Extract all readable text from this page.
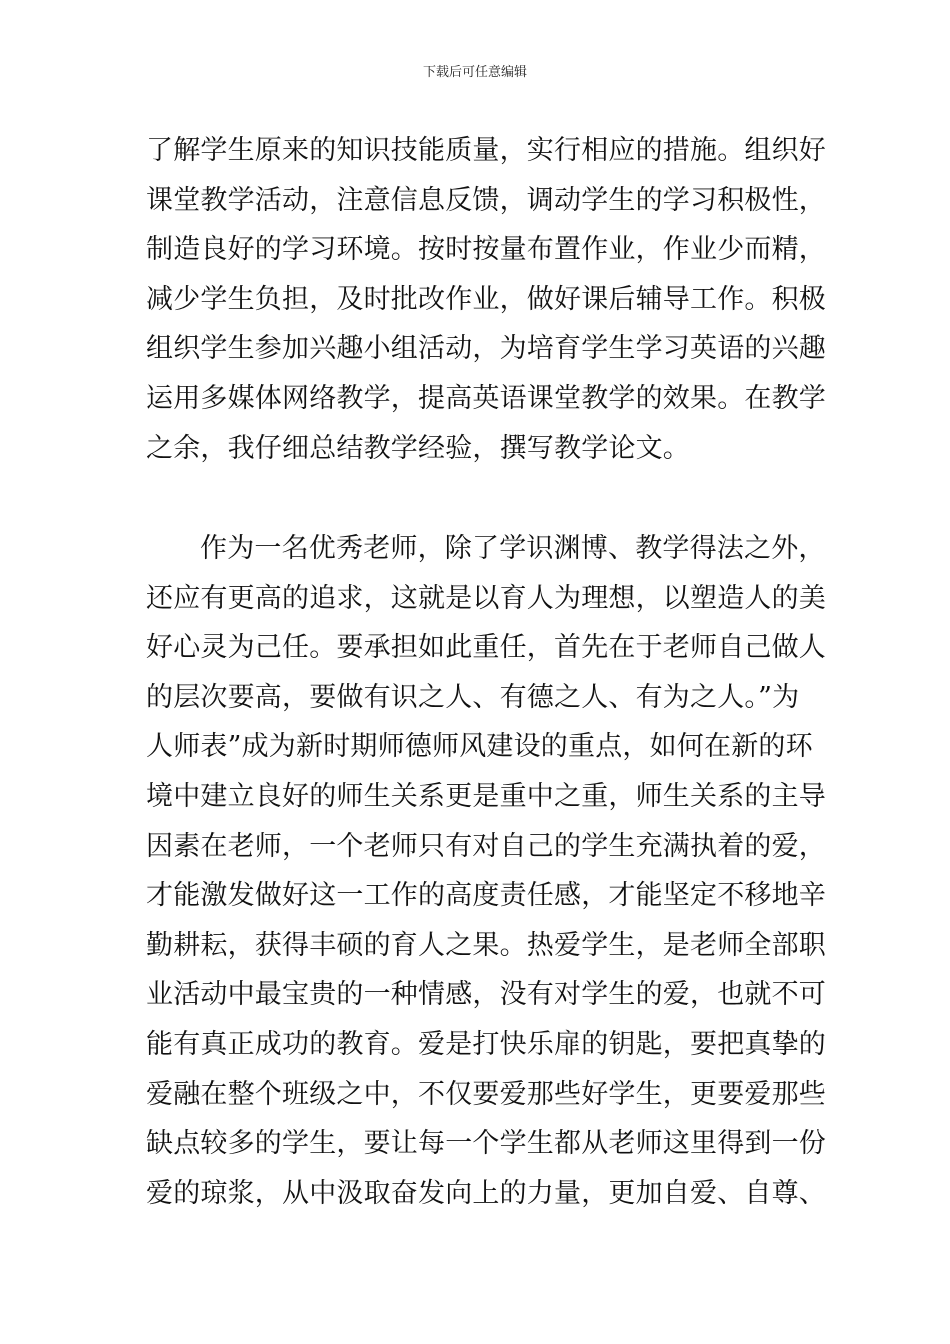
下载后可任意编辑
了解学生原来的知识技能质量，实行相应的措施。组织好
课堂教学活动，注意信息反馈，调动学生的学习积极性，
制造良好的学习环境。按时按量布置作业，作业少而精，
减少学生负担，及时批改作业，做好课后辅导工作。积极
组织学生参加兴趣小组活动，为培育学生学习英语的兴趣
运用多媒体网络教学，提高英语课堂教学的效果。在教学
之余，我仔细总结教学经验，撰写教学论文。
作为一名优秀老师，除了学识渊博、教学得法之外，
还应有更高的追求，这就是以育人为理想，以塑造人的美
好心灵为己任。要承担如此重任，首先在于老师自己做人
的层次要高，要做有识之人、有德之人、有为之人。”为
人师表”成为新时期师德师风建设的重点，如何在新的环
境中建立良好的师生关系更是重中之重，师生关系的主导
因素在老师，一个老师只有对自己的学生充满执着的爱，
才能激发做好这一工作的高度责任感，才能坚定不移地辛
勤耕耘，获得丰硕的育人之果。热爱学生，是老师全部职
业活动中最宝贵的一种情感，没有对学生的爱，也就不可
能有真正成功的教育。爱是打快乐扉的钥匙，要把真挚的
爱融在整个班级之中，不仅要爱那些好学生，更要爱那些
缺点较多的学生，要让每一个学生都从老师这里得到一份
爱的琼浆，从中汲取奋发向上的力量，更加自爱、自尊、
